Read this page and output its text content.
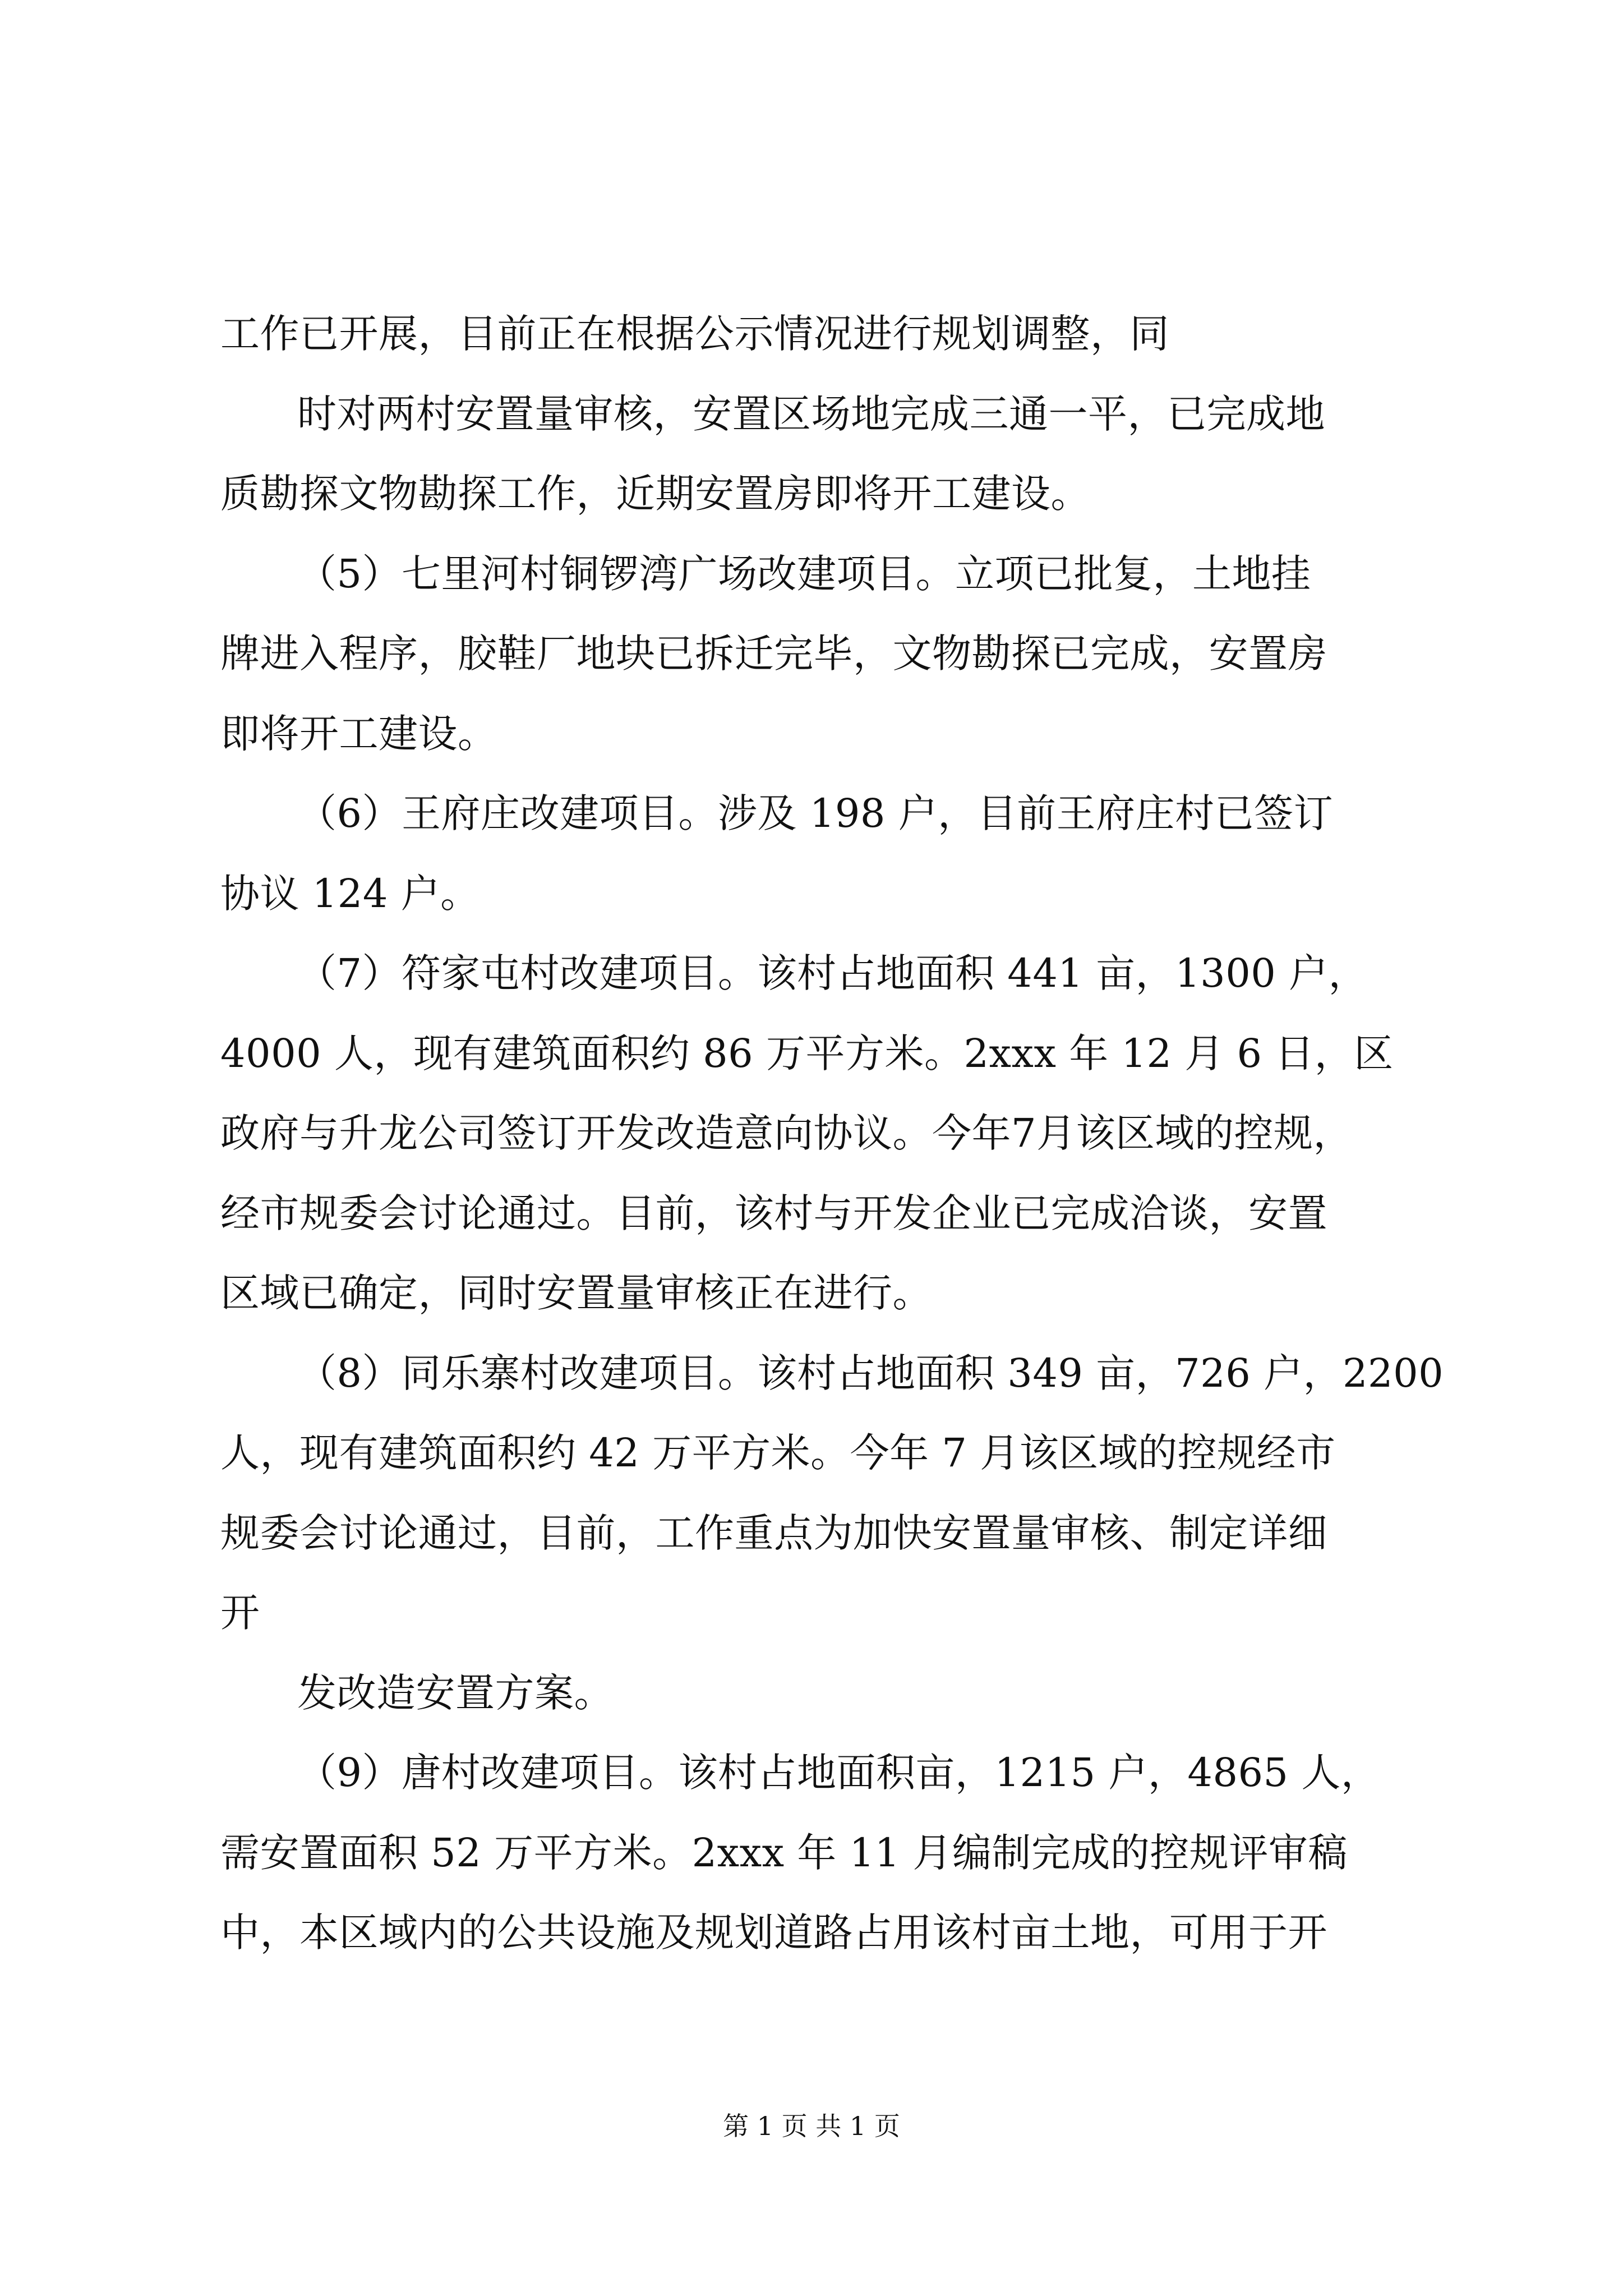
工作已开展，目前正在根据公示情况进行规划调整，同
时对两村安置量审核，安置区场地完成三通一平，已完成地
质勘探文物勘探工作，近期安置房即将开工建设。
（5）七里河村铜锣湾广场改建项目。立项已批复，土地挂
牌进入程序，胶鞋厂地块已拆迁完毕，文物勘探已完成，安置房
即将开工建设。
（6）王府庄改建项目。涉及 198 户，目前王府庄村已签订
协议 124 户。
（7）符家屯村改建项目。该村占地面积 441 亩，1300 户，
4000 人，现有建筑面积约 86 万平方米。2xxx 年 12 月 6 日，区
政府与升龙公司签订开发改造意向协议。今年7月该区域的控规，
经市规委会讨论通过。目前，该村与开发企业已完成洽谈，安置
区域已确定，同时安置量审核正在进行。
（8）同乐寨村改建项目。该村占地面积 349 亩，726 户，2200
人，现有建筑面积约 42 万平方米。今年 7 月该区域的控规经市
规委会讨论通过，目前，工作重点为加快安置量审核、制定详细
开
发改造安置方案。
（9）唐村改建项目。该村占地面积亩，1215 户，4865 人，
需安置面积 52 万平方米。2xxx 年 11 月编制完成的控规评审稿
中，本区域内的公共设施及规划道路占用该村亩土地，可用于开
第 1 页 共 1 页
